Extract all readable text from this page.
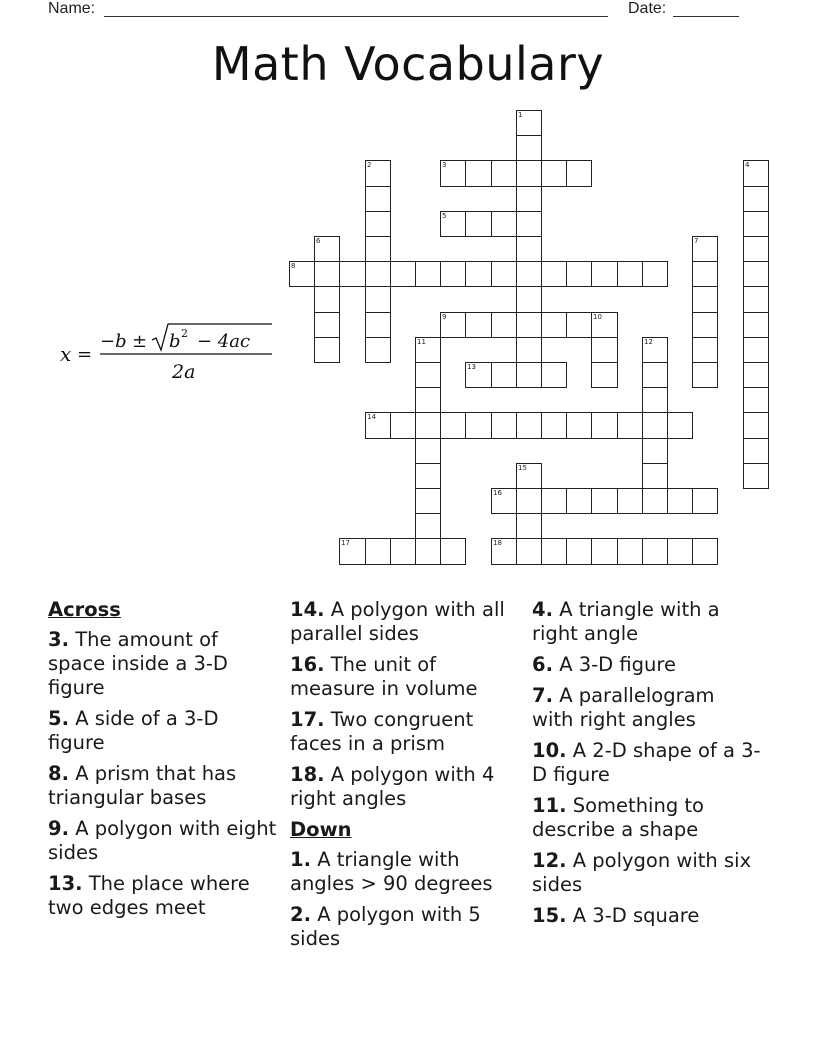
Name:	Date:
Math Vocabulary
x =
−b ± b 2 − 4ac
2a
1
2	3	4
5
6	7
8
9	10
11	12
13
14
15
16
17	18
Across
3. The amount of space inside a 3-D figure
5. A side of a 3-D figure
8. A prism that has triangular bases
9. A polygon with eight sides
13. The place where two edges meet
14. A polygon with all parallel sides
16. The unit of measure in volume
17. Two congruent faces in a prism
18. A polygon with 4 right angles
Down
1. A triangle with angles > 90 degrees
2. A polygon with 5 sides
4. A triangle with a right angle
6. A 3-D figure
7. A parallelogram with right angles
10. A 2-D shape of a 3-D figure
11. Something to describe a shape
12. A polygon with six sides
15. A 3-D square
